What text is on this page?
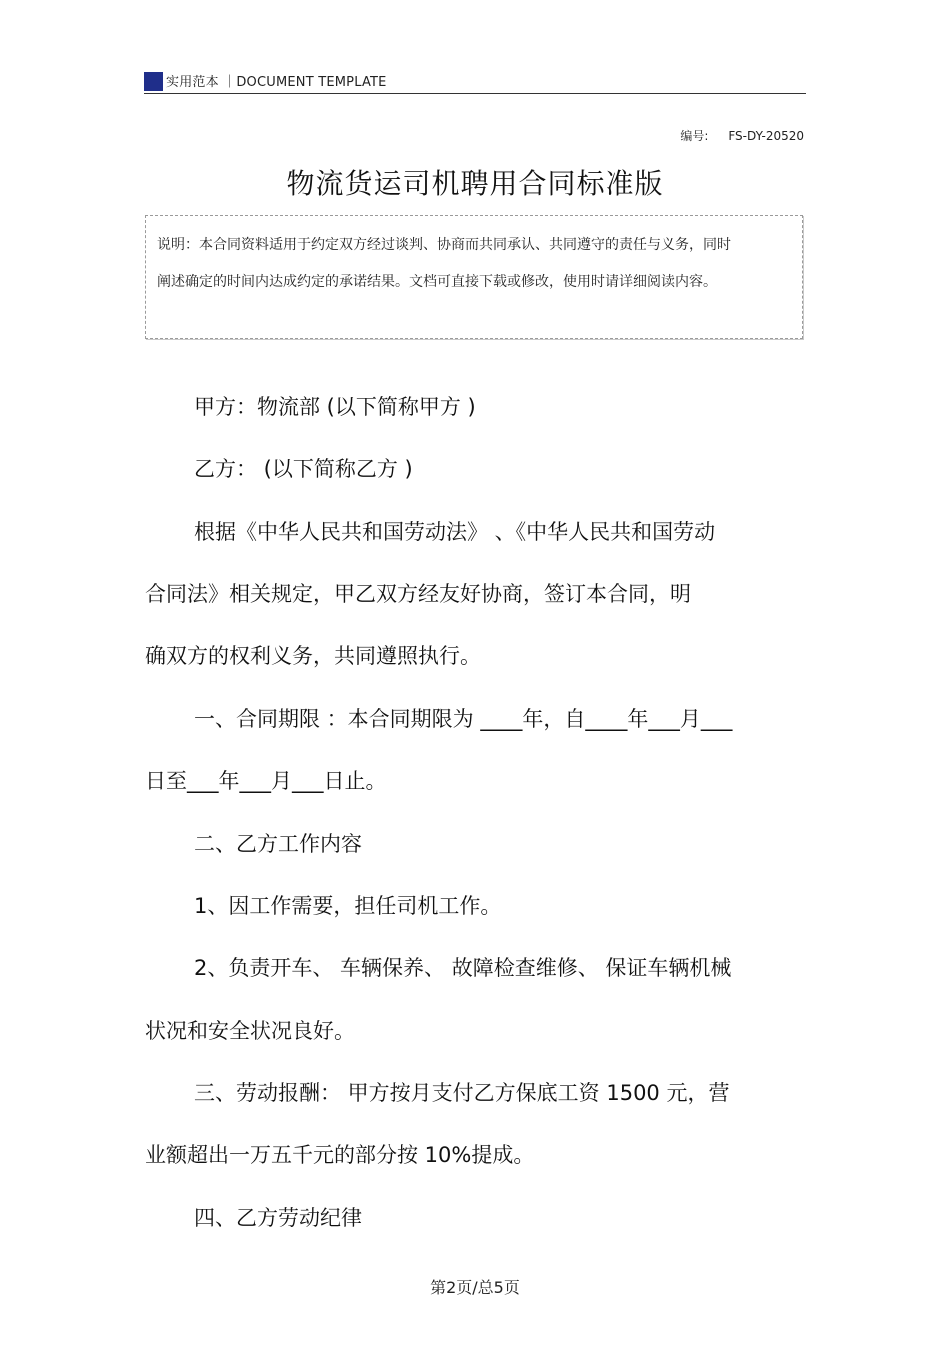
实用范本 ｜DOCUMENT TEMPLATE
编号: FS-DY-20520
物流货运司机聘用合同标准版
说明：本合同资料适用于约定双方经过谈判、协商而共同承认、共同遵守的责任与义务，同时阐述确定的时间内达成约定的承诺结果。文档可直接下载或修改，使用时请详细阅读内容。
甲方：物流部 (以下简称甲方 )
乙方： (以下简称乙方 )
根据《中华人民共和国劳动法》 、《中华人民共和国劳动
合同法》相关规定，甲乙双方经友好协商，签订本合同，明
确双方的权利义务，共同遵照执行。
一、合同期限 ：本合同期限为 ____年，自____年___月___
日至___年___月___日止。
二、乙方工作内容
1、因工作需要，担任司机工作。
2、负责开车、 车辆保养、 故障检查维修、 保证车辆机械
状况和安全状况良好。
三、劳动报酬： 甲方按月支付乙方保底工资 1500 元，营
业额超出一万五千元的部分按 10%提成。
四、乙方劳动纪律
第2页/总5页
